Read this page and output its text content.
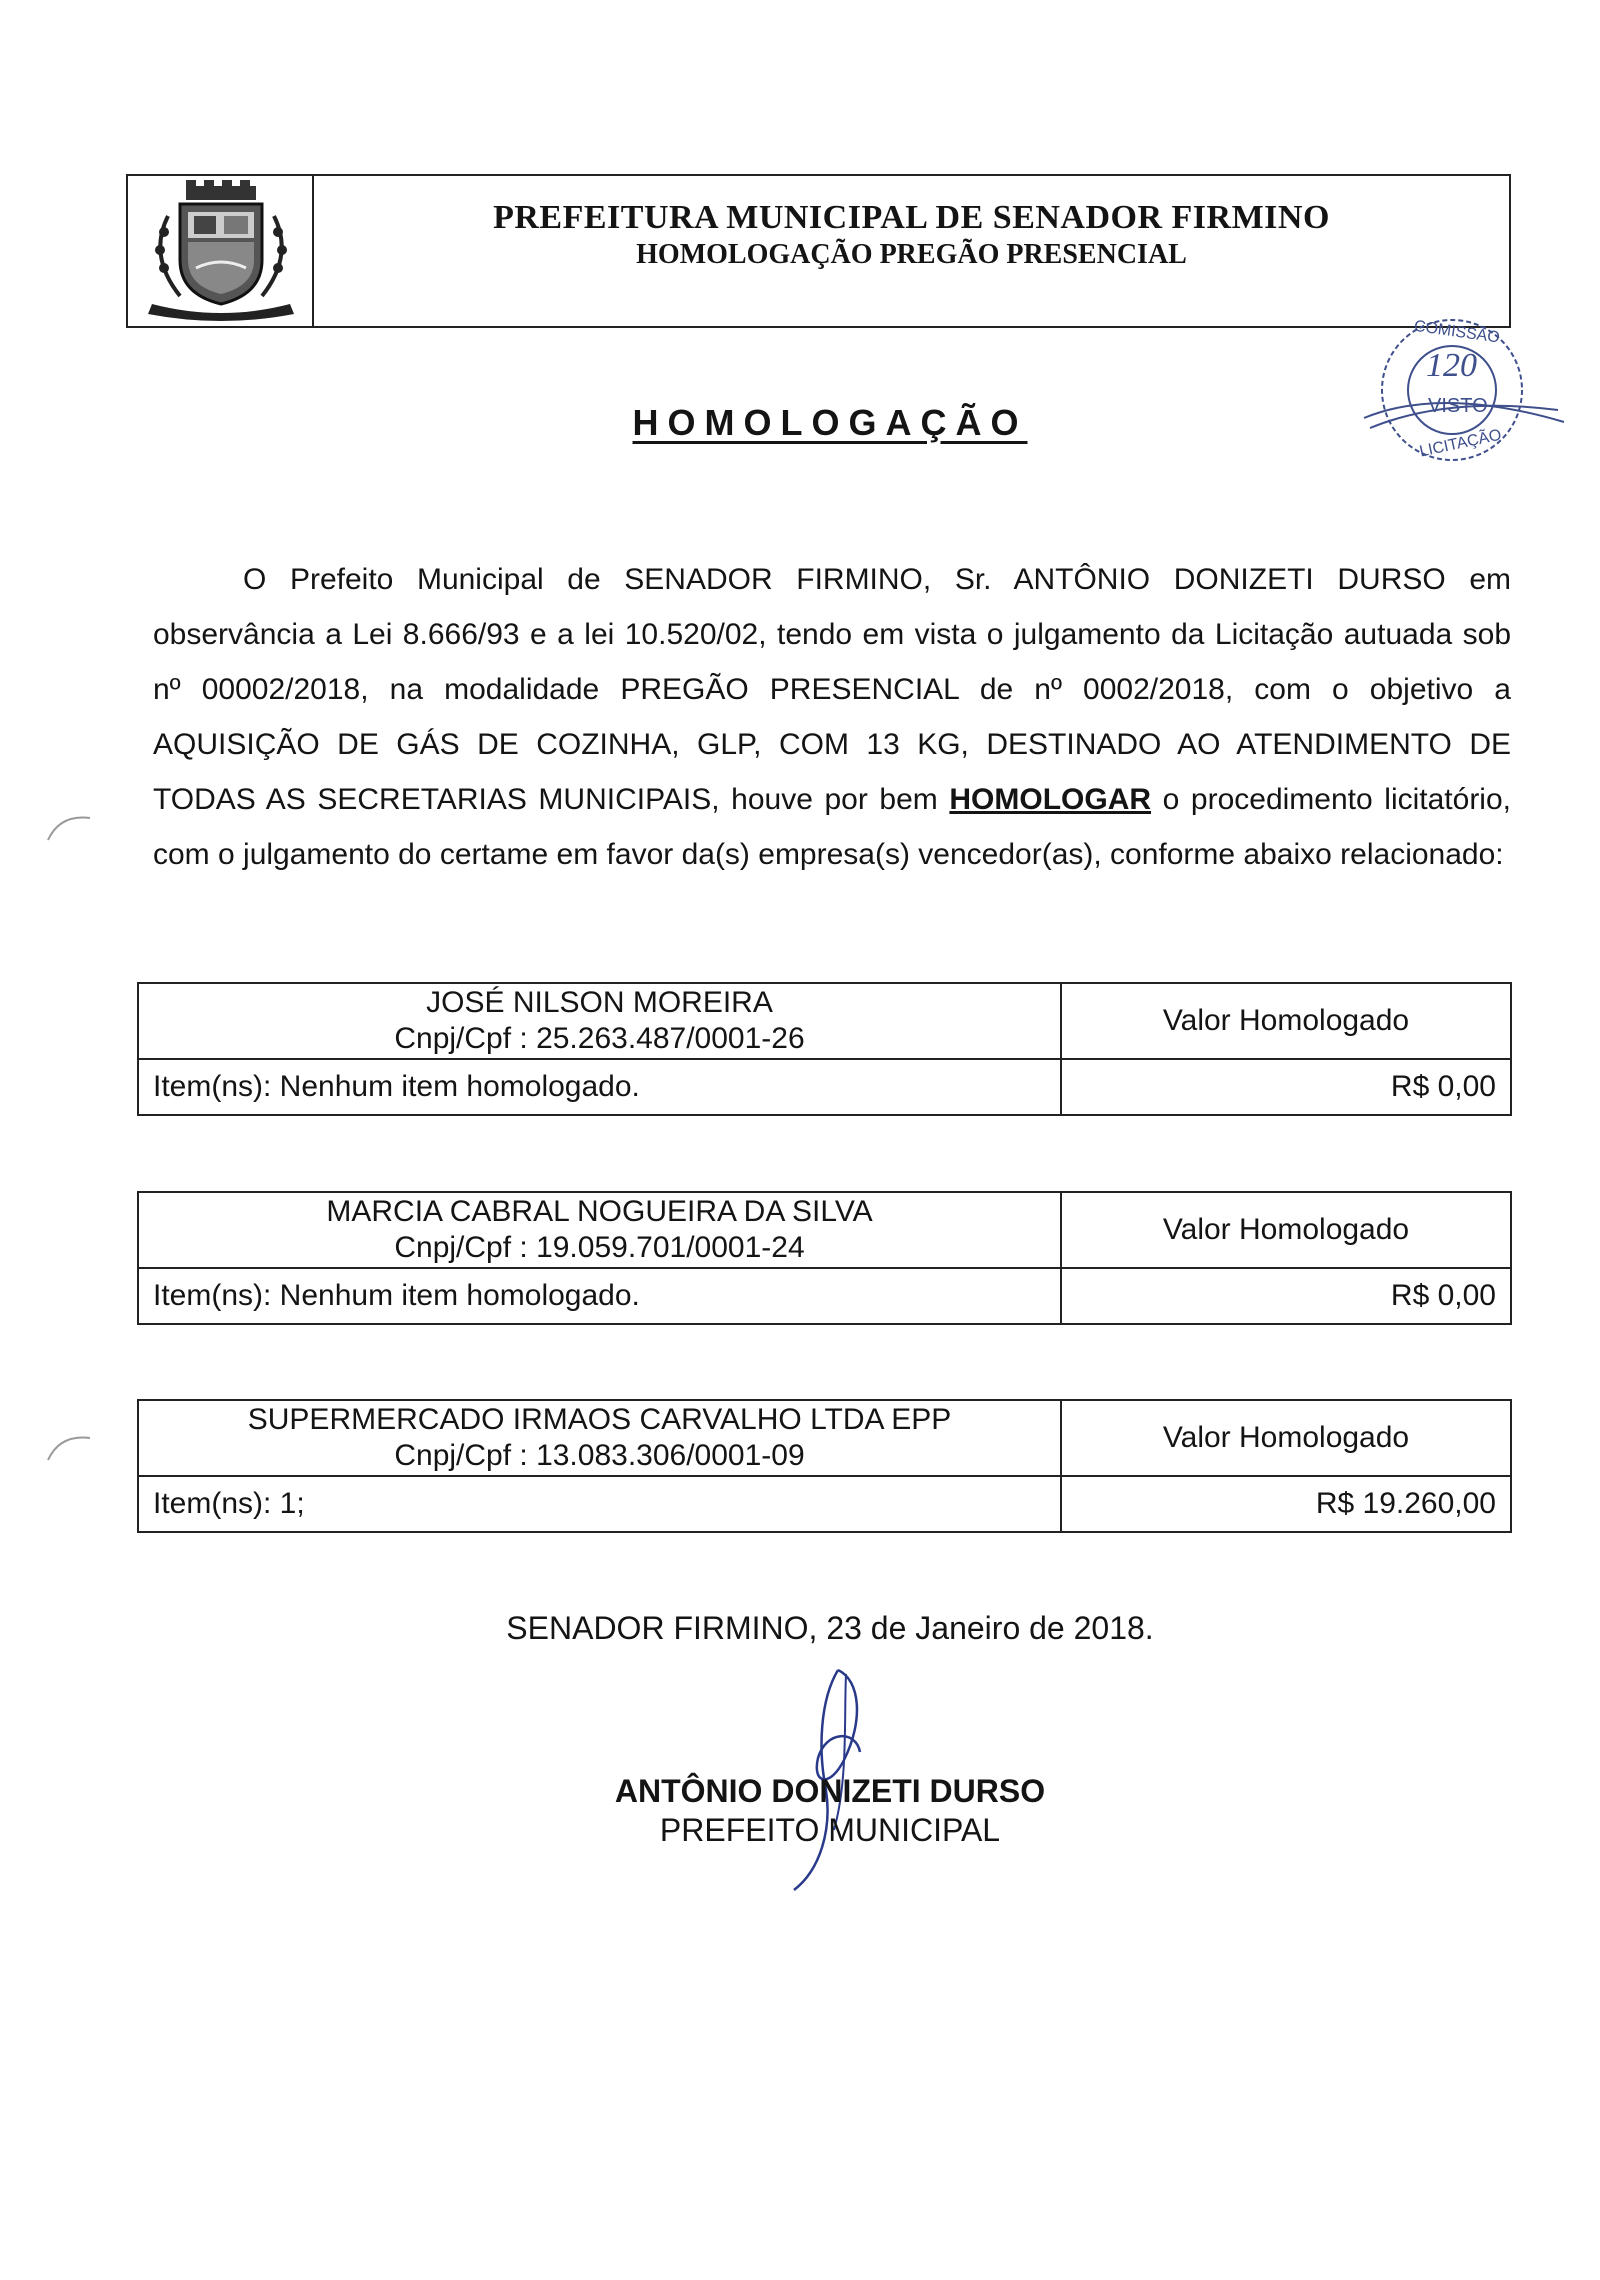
PREFEITURA MUNICIPAL DE SENADOR FIRMINO
HOMOLOGAÇÃO PREGÃO PRESENCIAL
COMISSÃO
120
VISTO
LICITAÇÃO
HOMOLOGAÇÃO

O Prefeito Municipal de SENADOR FIRMINO, Sr. ANTÔNIO DONIZETI DURSO em observância a Lei 8.666/93 e a lei 10.520/02, tendo em vista o julgamento da Licitação autuada sob nº 00002/2018, na modalidade PREGÃO PRESENCIAL de nº 0002/2018, com o objetivo a AQUISIÇÃO DE GÁS DE COZINHA, GLP, COM 13 KG, DESTINADO AO ATENDIMENTO DE TODAS AS SECRETARIAS MUNICIPAIS, houve por bem HOMOLOGAR o procedimento licitatório, com o julgamento do certame em favor da(s) empresa(s) vencedor(as), conforme abaixo relacionado:

JOSÉ NILSON MOREIRA
Cnpj/Cpf : 25.263.487/0001-26	Valor Homologado
Item(ns): Nenhum item homologado.	R$ 0,00
MARCIA CABRAL NOGUEIRA DA SILVA
Cnpj/Cpf : 19.059.701/0001-24	Valor Homologado
Item(ns): Nenhum item homologado.	R$ 0,00
SUPERMERCADO IRMAOS CARVALHO LTDA EPP
Cnpj/Cpf : 13.083.306/0001-09	Valor Homologado
Item(ns): 1;	R$ 19.260,00
SENADOR FIRMINO, 23 de Janeiro de 2018.
ANTÔNIO DONIZETI DURSO
PREFEITO MUNICIPAL
